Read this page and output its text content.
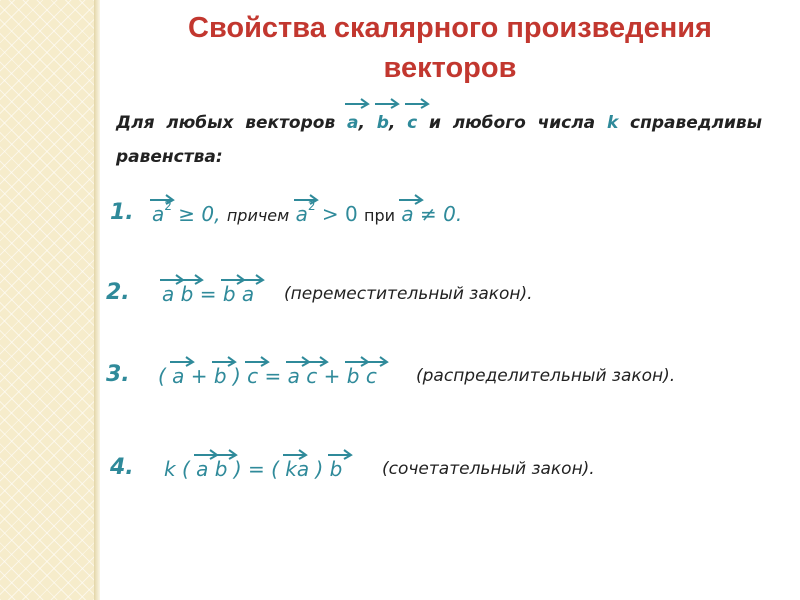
Свойства скалярного произведения
векторов
Для любых векторов a
, b
, c и любого числа k справедливы равенства:
1. a
$^2$ ≥ 0, причем a
$^2$ > 0 при a ≠ 0.
2. a b = b a (переместительный закон).
3. ( a + b ) c = a c + b c (распределительный закон).
4. k ( a b ) = ( ka ) b (сочетательный закон).
